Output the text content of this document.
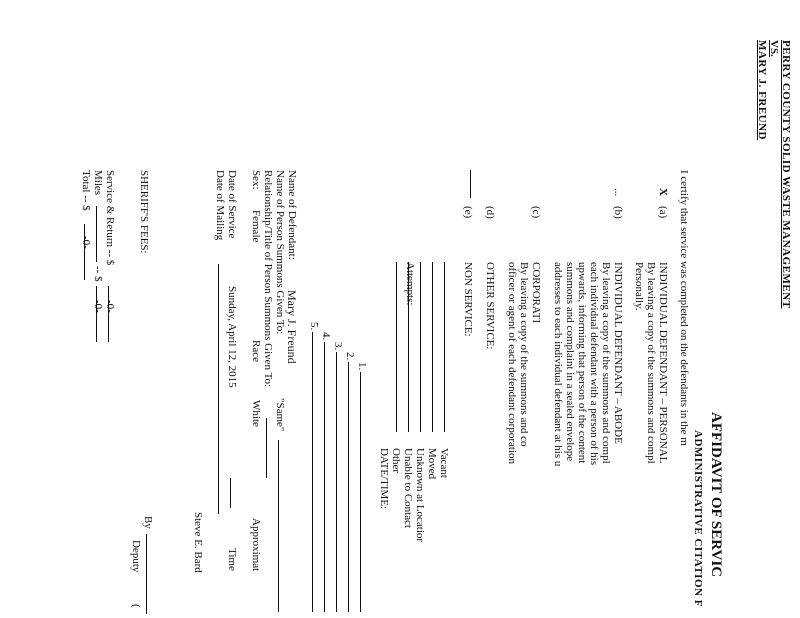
PERRY COUNTY SOLID WASTE MANAGEMENT
VS.
MARY J. FREUND
AFFIDAVIT OF SERVIC
ADMINISTRATIVE CITATION F
I certify that service was completed on the defendants in the m
X
(a)
INDIVIDUAL DEFENDANT – PERSONAL
By leaving a copy of the summons and compl
Personally.
...
(b)
INDIVIDUAL DEFENDANT – ABODE
By leaving a copy of the summons and compl
each individual defendant with a person of his
upwards, informing that person of the content
summons and complaint in a sealed envelope
addresses to each individual defendant at his u
(c)
CORPORATI
By leaving a copy of the summons and co
officer or agent of each defendant corporation
(d)
OTHER SERVICE:
(e)
NON SERVICE:
Vacant
Moved
Unknown at Locatior
Unable to Contact
Other
DATE/TIME:
Attempts:
1.
2.
3.
4.
5.
Name of Defendant:
Mary J. Freund
Name of Person Summons Given To:
"Same"
Relationship/Title of Person Summons Given To:
Sex:
Female
Race
White
Approximat
Date of Service
Sunday, April 12, 2015
Time
Date of Mailing
Steve E. Bard
By
Deputy
(
SHERIFF'S FEES:
Service & Return -- $
-0-
Miles
-- $
-0-
Total -- $
-0-
